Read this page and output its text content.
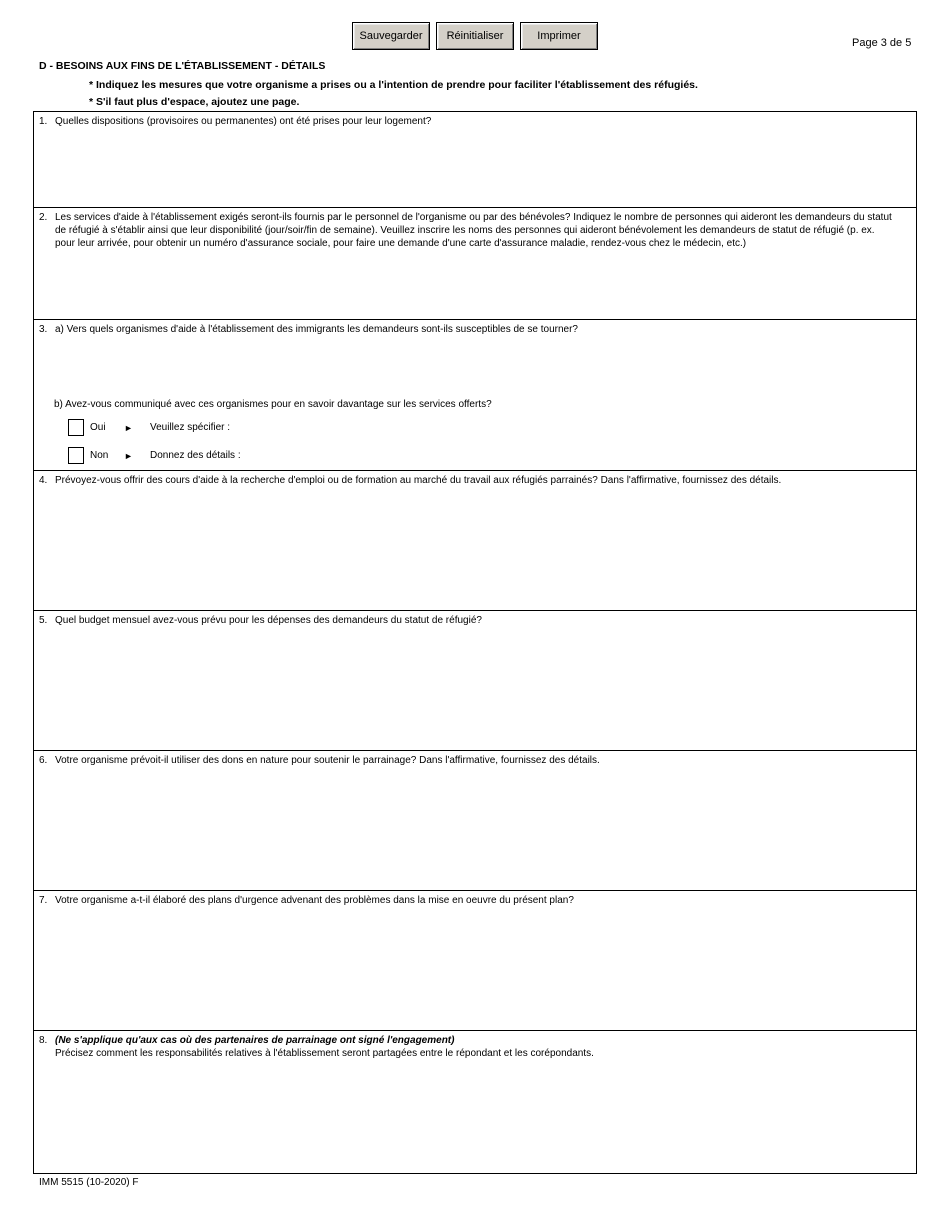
Sauvegarder	Réinitialiser	Imprimer
Page 3 de 5
D - BESOINS AUX FINS DE L'ÉTABLISSEMENT - DÉTAILS
* Indiquez les mesures que votre organisme a prises ou a l'intention de prendre pour faciliter l'établissement des réfugiés.
* S'il faut plus d'espace, ajoutez une page.
1. Quelles dispositions (provisoires ou permanentes) ont été prises pour leur logement?
2. Les services d'aide à l'établissement exigés seront-ils fournis par le personnel de l'organisme ou par des bénévoles? Indiquez le nombre de personnes qui aideront les demandeurs du statut de réfugié à s'établir ainsi que leur disponibilité (jour/soir/fin de semaine). Veuillez inscrire les noms des personnes qui aideront bénévolement les demandeurs de statut de réfugié (p. ex. pour leur arrivée, pour obtenir un numéro d'assurance sociale, pour faire une demande d'une carte d'assurance maladie, rendez-vous chez le médecin, etc.)
3. a) Vers quels organismes d'aide à l'établissement des immigrants les demandeurs sont-ils susceptibles de se tourner?
b) Avez-vous communiqué avec ces organismes pour en savoir davantage sur les services offerts?
Oui	►	Veuillez spécifier :
Non	►	Donnez des détails :
4. Prévoyez-vous offrir des cours d'aide à la recherche d'emploi ou de formation au marché du travail aux réfugiés parrainés? Dans l'affirmative, fournissez des détails.
5. Quel budget mensuel avez-vous prévu pour les dépenses des demandeurs du statut de réfugié?
6. Votre organisme prévoit-il utiliser des dons en nature pour soutenir le parrainage? Dans l'affirmative, fournissez des détails.
7. Votre organisme a-t-il élaboré des plans d'urgence advenant des problèmes dans la mise en oeuvre du présent plan?
8. (Ne s'applique qu'aux cas où des partenaires de parrainage ont signé l'engagement)
Précisez comment les responsabilités relatives à l'établissement seront partagées entre le répondant et les corépondants.
IMM 5515 (10-2020) F
